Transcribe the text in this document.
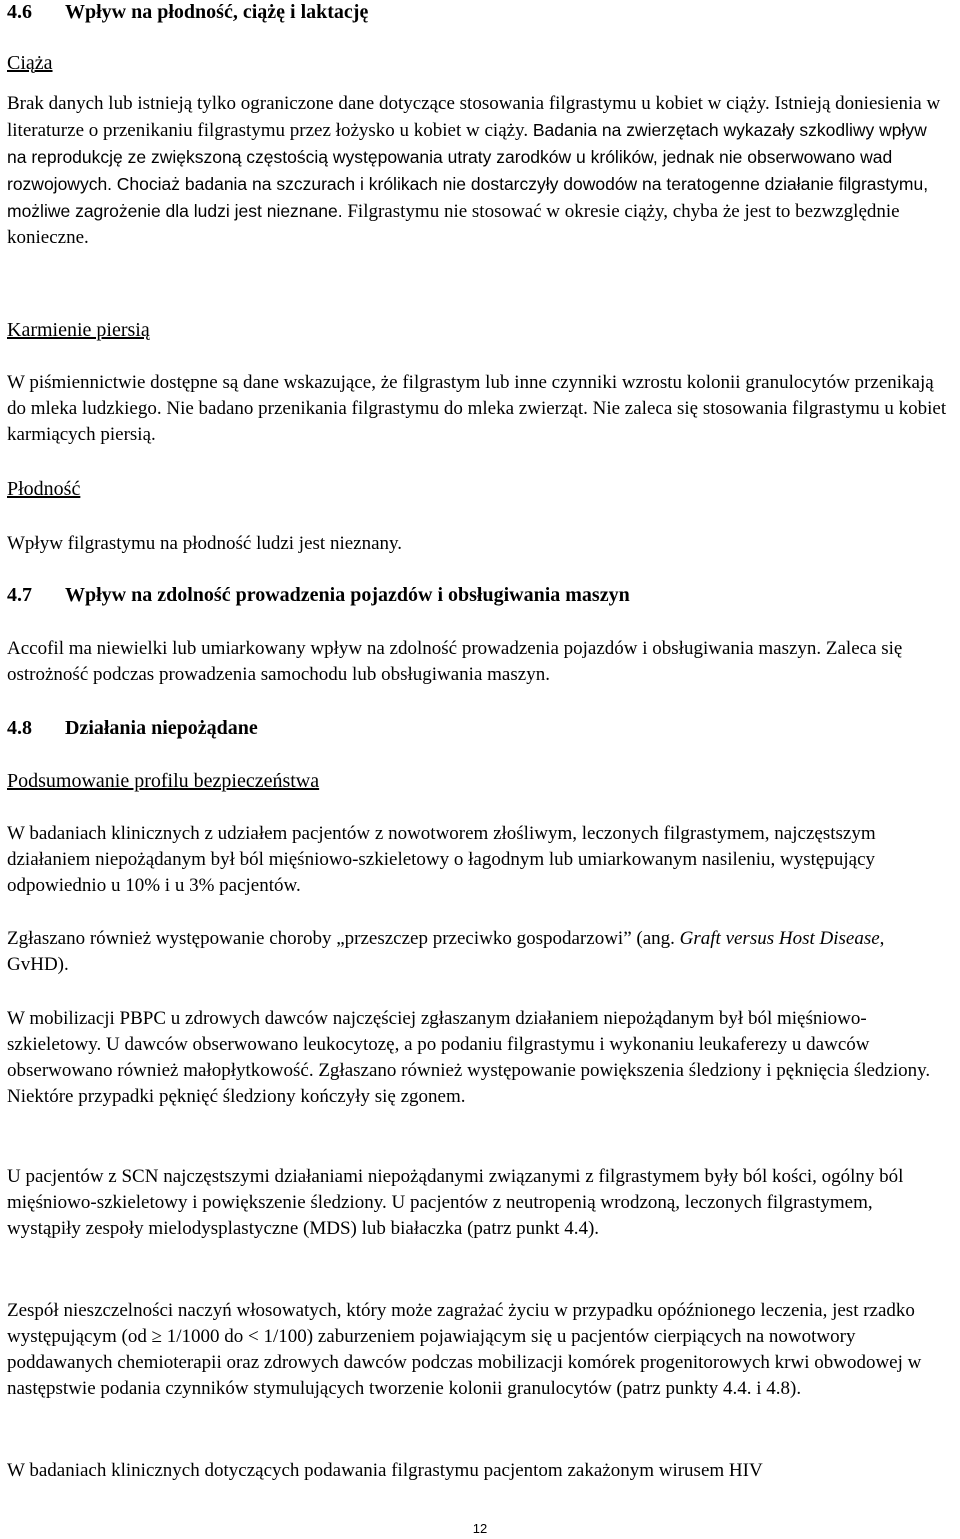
4.6 Wpływ na płodność, ciążę i laktację

Ciąża

Brak danych lub istnieją tylko ograniczone dane dotyczące stosowania filgrastymu u kobiet w ciąży. Istnieją doniesienia w literaturze o przenikaniu filgrastymu przez łożysko u kobiet w ciąży. Badania na zwierzętach wykazały szkodliwy wpływ na reprodukcję ze zwiększoną częstością występowania utraty zarodków u królików, jednak nie obserwowano wad rozwojowych. Chociaż badania na szczurach i królikach nie dostarczyły dowodów na teratogenne działanie filgrastymu, możliwe zagrożenie dla ludzi jest nieznane. Filgrastymu nie stosować w okresie ciąży, chyba że jest to bezwzględnie konieczne.

Karmienie piersią

W piśmiennictwie dostępne są dane wskazujące, że filgrastym lub inne czynniki wzrostu kolonii granulocytów przenikają do mleka ludzkiego. Nie badano przenikania filgrastymu do mleka zwierząt. Nie zaleca się stosowania filgrastymu u kobiet karmiących piersią.

Płodność

Wpływ filgrastymu na płodność ludzi jest nieznany.

4.7 Wpływ na zdolność prowadzenia pojazdów i obsługiwania maszyn

Accofil ma niewielki lub umiarkowany wpływ na zdolność prowadzenia pojazdów i obsługiwania maszyn. Zaleca się ostrożność podczas prowadzenia samochodu lub obsługiwania maszyn.

4.8 Działania niepożądane

Podsumowanie profilu bezpieczeństwa

W badaniach klinicznych z udziałem pacjentów z nowotworem złośliwym, leczonych filgrastymem, najczęstszym działaniem niepożądanym był ból mięśniowo-szkieletowy o łagodnym lub umiarkowanym nasileniu, występujący odpowiednio u 10% i u 3% pacjentów.

Zgłaszano również występowanie choroby „przeszczep przeciwko gospodarzowi” (ang. Graft versus Host Disease, GvHD).

W mobilizacji PBPC u zdrowych dawców najczęściej zgłaszanym działaniem niepożądanym był ból mięśniowo-szkieletowy. U dawców obserwowano leukocytozę, a po podaniu filgrastymu i wykonaniu leukaferezy u dawców obserwowano również małopłytkowość. Zgłaszano również występowanie powiększenia śledziony i pęknięcia śledziony. Niektóre przypadki pęknięć śledziony kończyły się zgonem.

U pacjentów z SCN najczęstszymi działaniami niepożądanymi związanymi z filgrastymem były ból kości, ogólny ból mięśniowo-szkieletowy i powiększenie śledziony. U pacjentów z neutropenią wrodzoną, leczonych filgrastymem, wystąpiły zespoły mielodysplastyczne (MDS) lub białaczka (patrz punkt 4.4).

Zespół nieszczelności naczyń włosowatych, który może zagrażać życiu w przypadku opóźnionego leczenia, jest rzadko występującym (od ≥ 1/1000 do < 1/100) zaburzeniem pojawiającym się u pacjentów cierpiących na nowotwory poddawanych chemioterapii oraz zdrowych dawców podczas mobilizacji komórek progenitorowych krwi obwodowej w następstwie podania czynników stymulujących tworzenie kolonii granulocytów (patrz punkty 4.4. i 4.8).

W badaniach klinicznych dotyczących podawania filgrastymu pacjentom zakażonym wirusem HIV

12
